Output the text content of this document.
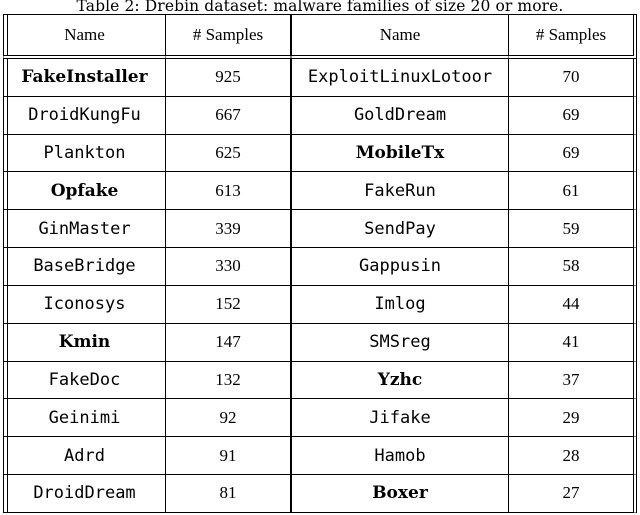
Table 2: Drebin dataset: malware families of size 20 or more.
Name	# Samples	Name	# Samples
FakeInstaller	925	ExploitLinuxLotoor	70
DroidKungFu	667	GoldDream	69
Plankton	625	MobileTx	69
Opfake	613	FakeRun	61
GinMaster	339	SendPay	59
BaseBridge	330	Gappusin	58
Iconosys	152	Imlog	44
Kmin	147	SMSreg	41
FakeDoc	132	Yzhc	37
Geinimi	92	Jifake	29
Adrd	91	Hamob	28
DroidDream	81	Boxer	27
